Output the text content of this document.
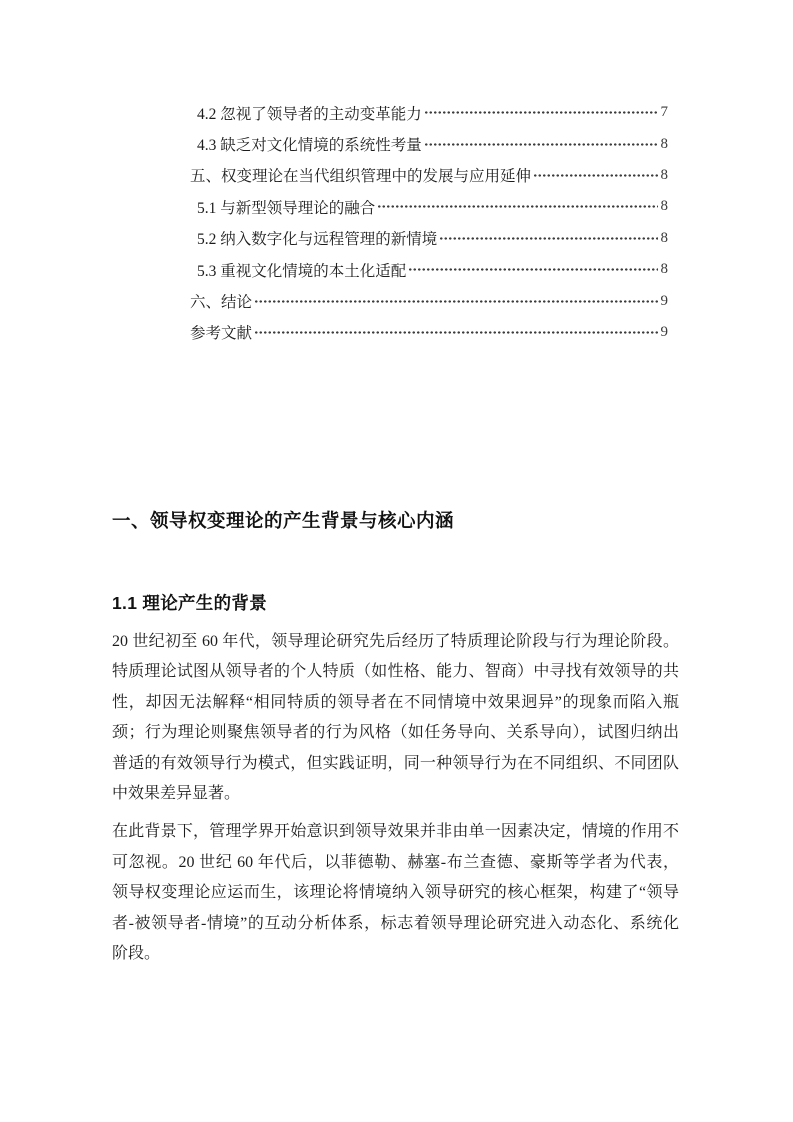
4.2 忽视了领导者的主动变革能力	7
4.3 缺乏对文化情境的系统性考量	8
五、权变理论在当代组织管理中的发展与应用延伸	8
5.1 与新型领导理论的融合	8
5.2 纳入数字化与远程管理的新情境	8
5.3 重视文化情境的本土化适配	8
六、结论	9
参考文献	9
一、领导权变理论的产生背景与核心内涵
1.1 理论产生的背景
20 世纪初至 60 年代，领导理论研究先后经历了特质理论阶段与行为理论阶段。
特质理论试图从领导者的个人特质（如性格、能力、智商）中寻找有效领导的共
性，却因无法解释“相同特质的领导者在不同情境中效果迥异”的现象而陷入瓶
颈；行为理论则聚焦领导者的行为风格（如任务导向、关系导向），试图归纳出
普适的有效领导行为模式，但实践证明，同一种领导行为在不同组织、不同团队
中效果差异显著。
在此背景下，管理学界开始意识到领导效果并非由单一因素决定，情境的作用不
可忽视。20 世纪 60 年代后，以菲德勒、赫塞-布兰查德、豪斯等学者为代表，
领导权变理论应运而生，该理论将情境纳入领导研究的核心框架，构建了“领导
者-被领导者-情境”的互动分析体系，标志着领导理论研究进入动态化、系统化
阶段。
